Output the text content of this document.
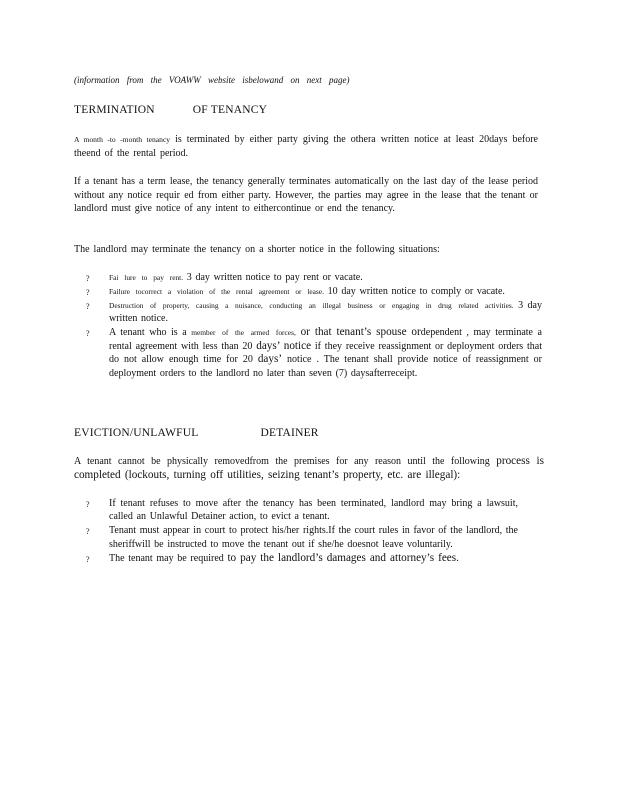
(information from the VOAWW website isbelowand on next page)
TERMINATION	OF TENANCY
A month -to -month tenancy is terminated by either party giving the othera written notice at least 20days before theend of the rental period.
If a tenant has a term lease, the tenancy generally terminates automatically on the last day of the lease period without any notice requir ed from either party. However, the parties may agree in the lease that the tenant or landlord must give notice of any intent to eithercontinue or end the tenancy.
The landlord may terminate the tenancy on a shorter notice in the following situations:
?	Fai lure to pay rent. 3 day written notice to pay rent or vacate.
?	Failure tocorrect a violation of the rental agreement or lease. 10 day written notice to comply or vacate.
?	Destruction of property, causing a nuisance, conducting an illegal business or engaging in drug related activities. 3 day written notice.
? A tenant who is a member of the armed forces, or that tenant’s spouse ordependent , may terminate a rental agreement with less than 20 days’ notice if they receive reassignment or deployment orders that do not allow enough time for 20 days’ notice . The tenant shall provide notice of reassignment or deployment orders to the landlord no later than seven (7) daysafterreceipt.
EVICTION/UNLAWFUL	DETAINER
A tenant cannot be physically removedfrom the premises for any reason until the following process is completed (lockouts, turning off utilities, seizing tenant’s property, etc. are illegal):
? If tenant refuses to move after the tenancy has been terminated, landlord may bring a lawsuit, called an Unlawful Detainer action, to evict a tenant.
? Tenant must appear in court to protect his/her rights.If the court rules in favor of the landlord, the sheriffwill be instructed to move the tenant out if she/he doesnot leave voluntarily.
? The tenant may be required to pay the landlord’s damages and attorney’s fees.
